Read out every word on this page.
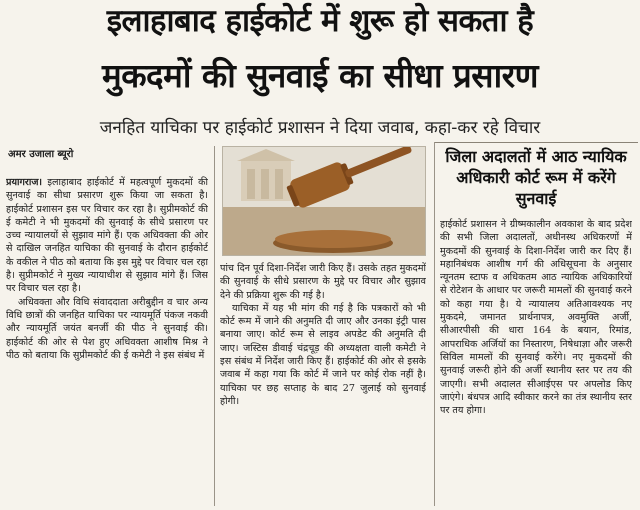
इलाहाबाद हाईकोर्ट में शुरू हो सकता है
मुकदमों की सुनवाई का सीधा प्रसारण
जनहित याचिका पर हाईकोर्ट प्रशासन ने दिया जवाब, कहा-कर रहे विचार
अमर उजाला ब्यूरो

प्रयागराज। इलाहाबाद हाईकोर्ट में महत्वपूर्ण मुकदमों की सुनवाई का सीधा प्रसारण शुरू किया जा सकता है। हाईकोर्ट प्रशासन इस पर विचार कर रहा है। सुप्रीमकोर्ट की ई कमेटी ने भी मुकदमों की सुनवाई के सीधे प्रसारण पर उच्च न्यायालयों से सुझाव मांगे हैं। एक अधिवक्ता की ओर से दाखिल जनहित याचिका की सुनवाई के दौरान हाईकोर्ट के वकील ने पीठ को बताया कि इस मुद्दे पर विचार चल रहा है। सुप्रीमकोर्ट ने मुख्य न्यायाधीश से सुझाव मांगे हैं। जिस पर विचार चल रहा है।

अधिवक्ता और विधि संवाददाता अरीबुद्दीन व चार अन्य विधि छात्रों की जनहित याचिका पर न्यायमूर्ति पंकज नकवी और न्यायमूर्ति जयंत बनर्जी की पीठ ने सुनवाई की। हाईकोर्ट की ओर से पेश हुए अधिवक्ता आशीष मिश्र ने पीठ को बताया कि सुप्रीमकोर्ट की ई कमेटी ने इस संबंध में

पांच दिन पूर्व दिशा-निर्देश जारी किए हैं। उसके तहत मुकदमों की सुनवाई के सीधे प्रसारण के मुद्दे पर विचार और सुझाव देने की प्रक्रिया शुरू की गई है।

याचिका में यह भी मांग की गई है कि पत्रकारों को भी कोर्ट रूम में जाने की अनुमति दी जाए और उनका इंट्री पास बनाया जाए। कोर्ट रूम से लाइव अपडेट की अनुमति दी जाए। जस्टिस डीवाई चंद्रचूड़ की अध्यक्षता वाली कमेटी ने इस संबंध में निर्देश जारी किए हैं। हाईकोर्ट की ओर से इसके जवाब में कहा गया कि कोर्ट में जाने पर कोई रोक नहीं है। याचिका पर छह सप्ताह के बाद 27 जुलाई को सुनवाई होगी।

जिला अदालतों में आठ न्यायिक अधिकारी कोर्ट रूम में करेंगे सुनवाई

हाईकोर्ट प्रशासन ने ग्रीष्मकालीन अवकाश के बाद प्रदेश की सभी जिला अदालतों, अधीनस्थ अधिकरणों में मुकदमों की सुनवाई के दिशा-निर्देश जारी कर दिए हैं। महानिबंधक आशीष गर्ग की अधिसूचना के अनुसार न्यूनतम स्टाफ व अधिकतम आठ न्यायिक अधिकारियों से रोटेशन के आधार पर जरूरी मामलों की सुनवाई करने को कहा गया है। ये न्यायालय अतिआवश्यक नए मुकदमे, जमानत प्रार्थनापत्र, अवमुक्ति अर्जी, सीआरपीसी की धारा 164 के बयान, रिमांड, आपराधिक अर्जियों का निस्तारण, निषेधाज्ञा और जरूरी सिविल मामलों की सुनवाई करेंगे। नए मुकदमों की सुनवाई जरूरी होने की अर्जी स्थानीय स्तर पर तय की जाएगी। सभी अदालत सीआईएस पर अपलोड किए जाएंगे। बंधपत्र आदि स्वीकार करने का तंत्र स्थानीय स्तर पर तय होगा।
